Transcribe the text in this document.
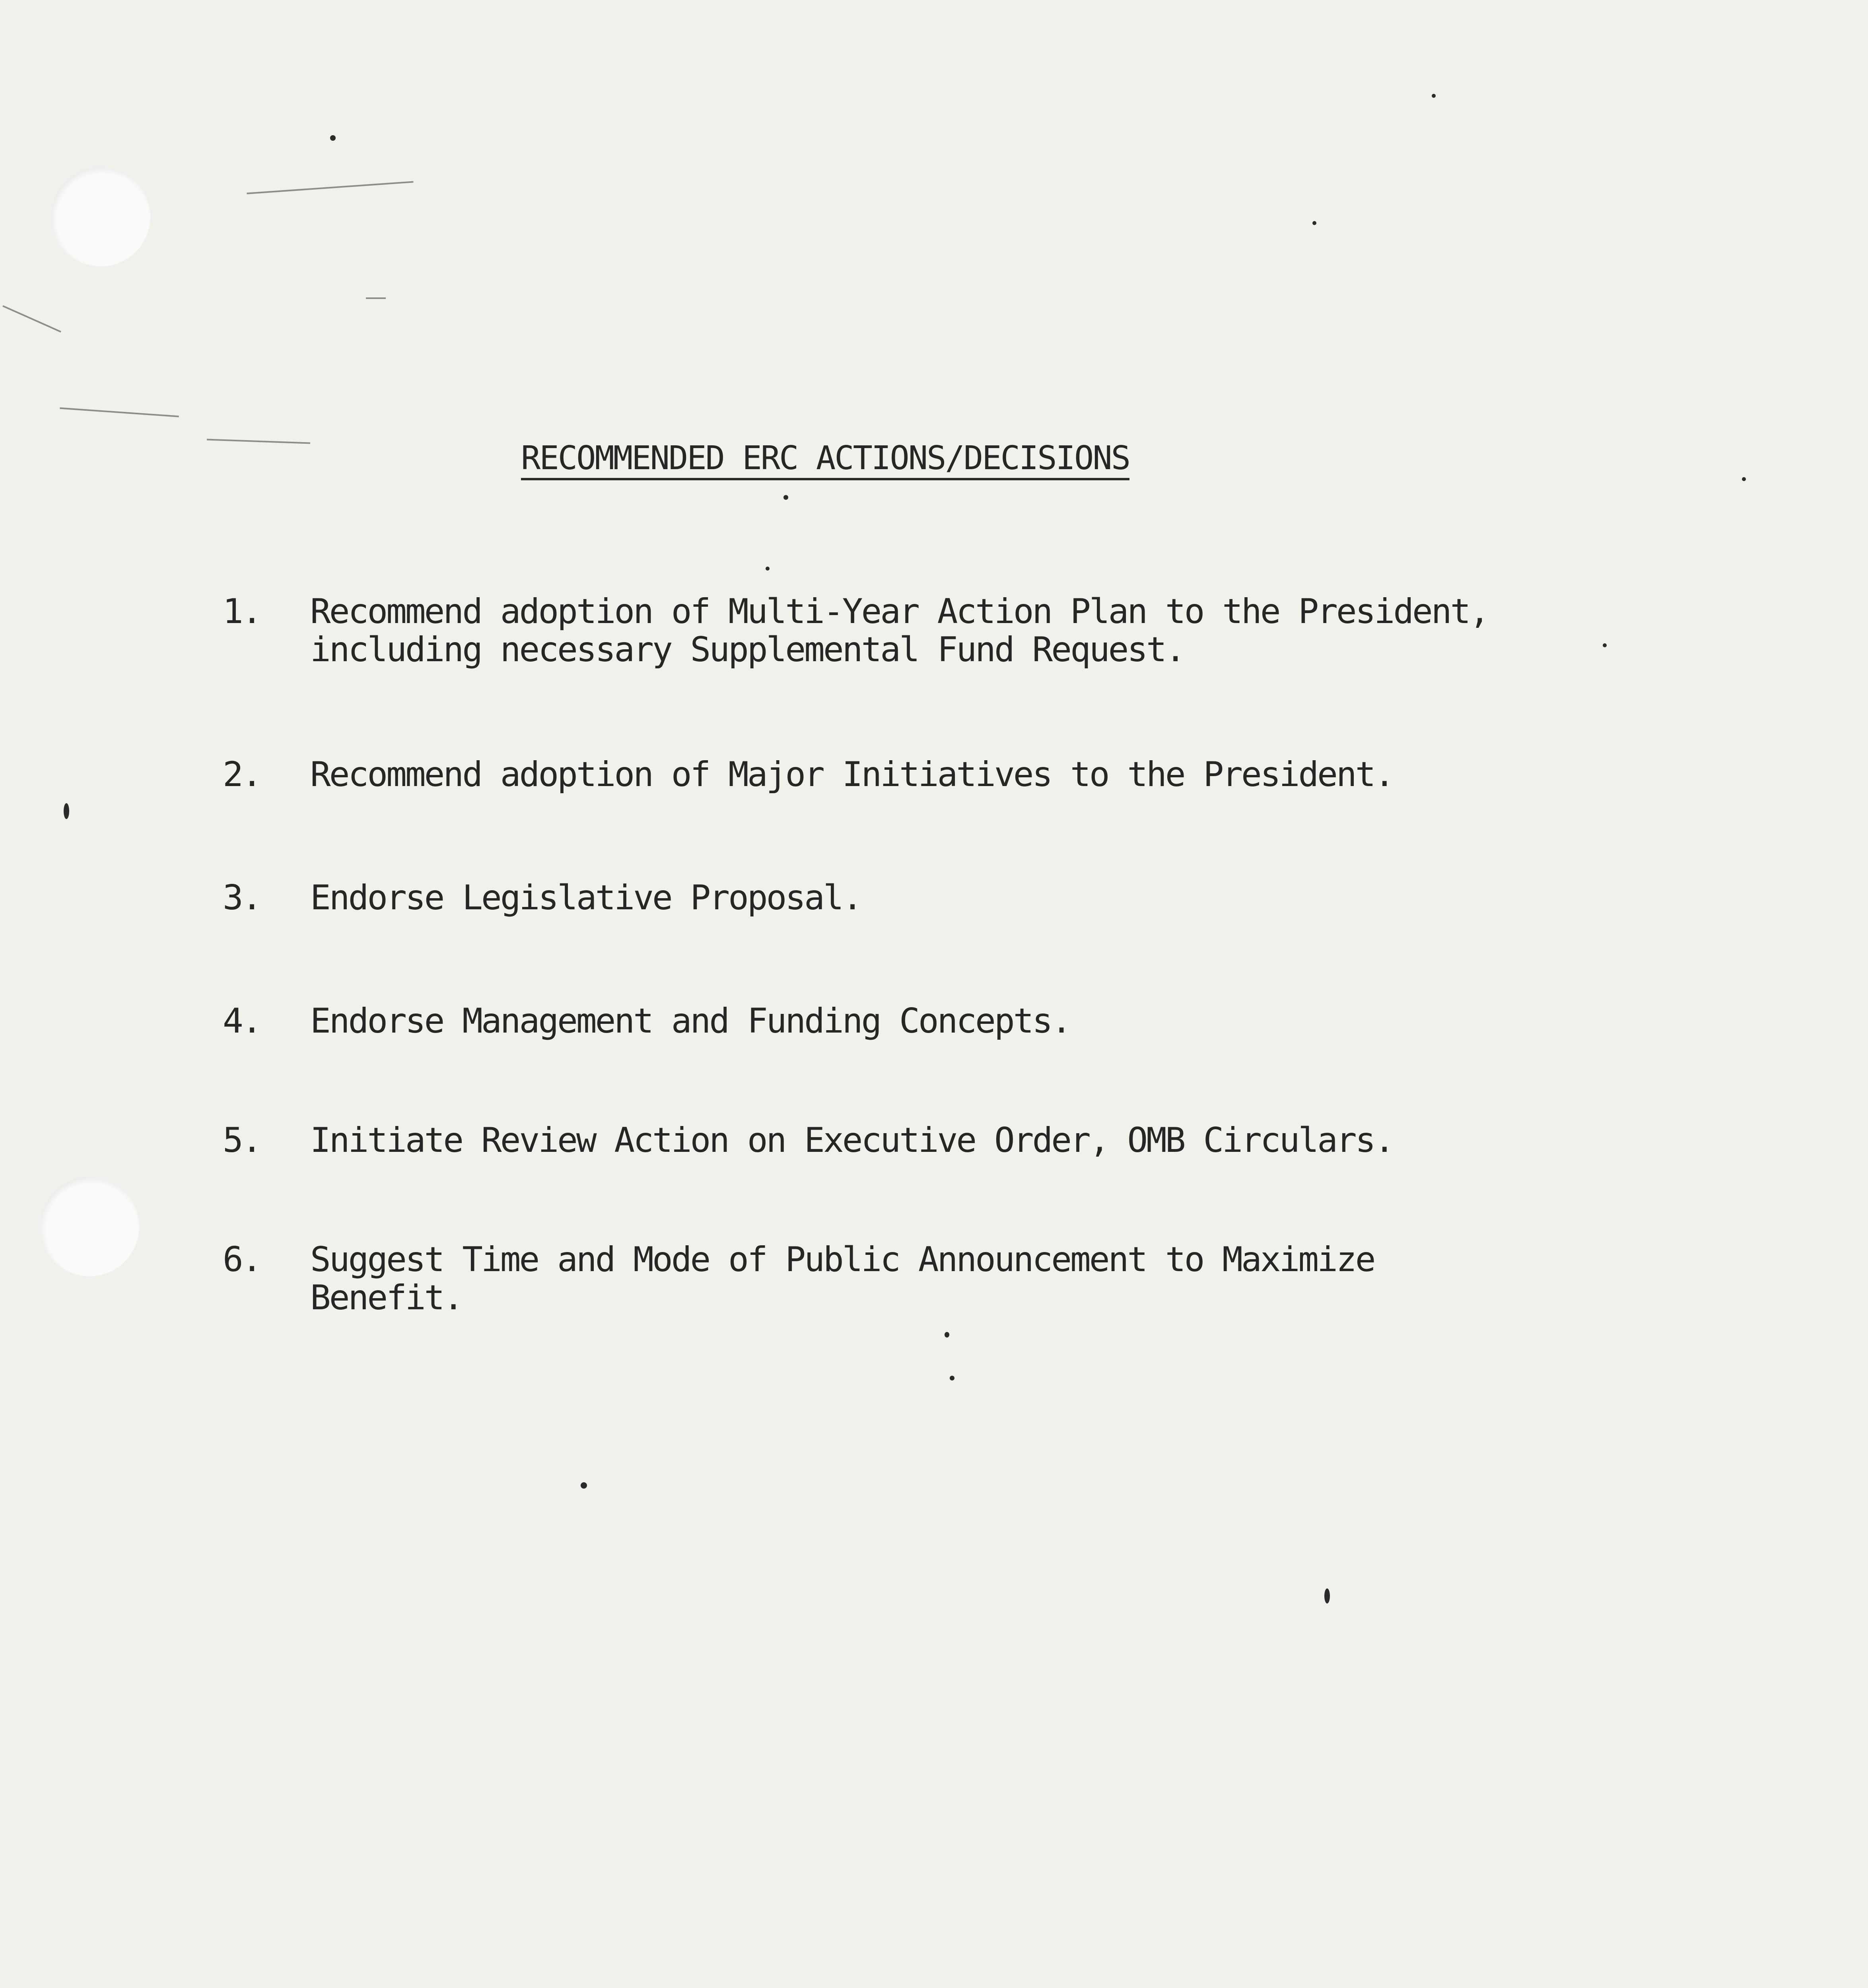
RECOMMENDED ERC ACTIONS/DECISIONS
1.	Recommend adoption of Multi-Year Action Plan to the President,
including necessary Supplemental Fund Request.
2.	Recommend adoption of Major Initiatives to the President.
3.	Endorse Legislative Proposal.
4.	Endorse Management and Funding Concepts.
5.	Initiate Review Action on Executive Order, OMB Circulars.
6.	Suggest Time and Mode of Public Announcement to Maximize
Benefit.
